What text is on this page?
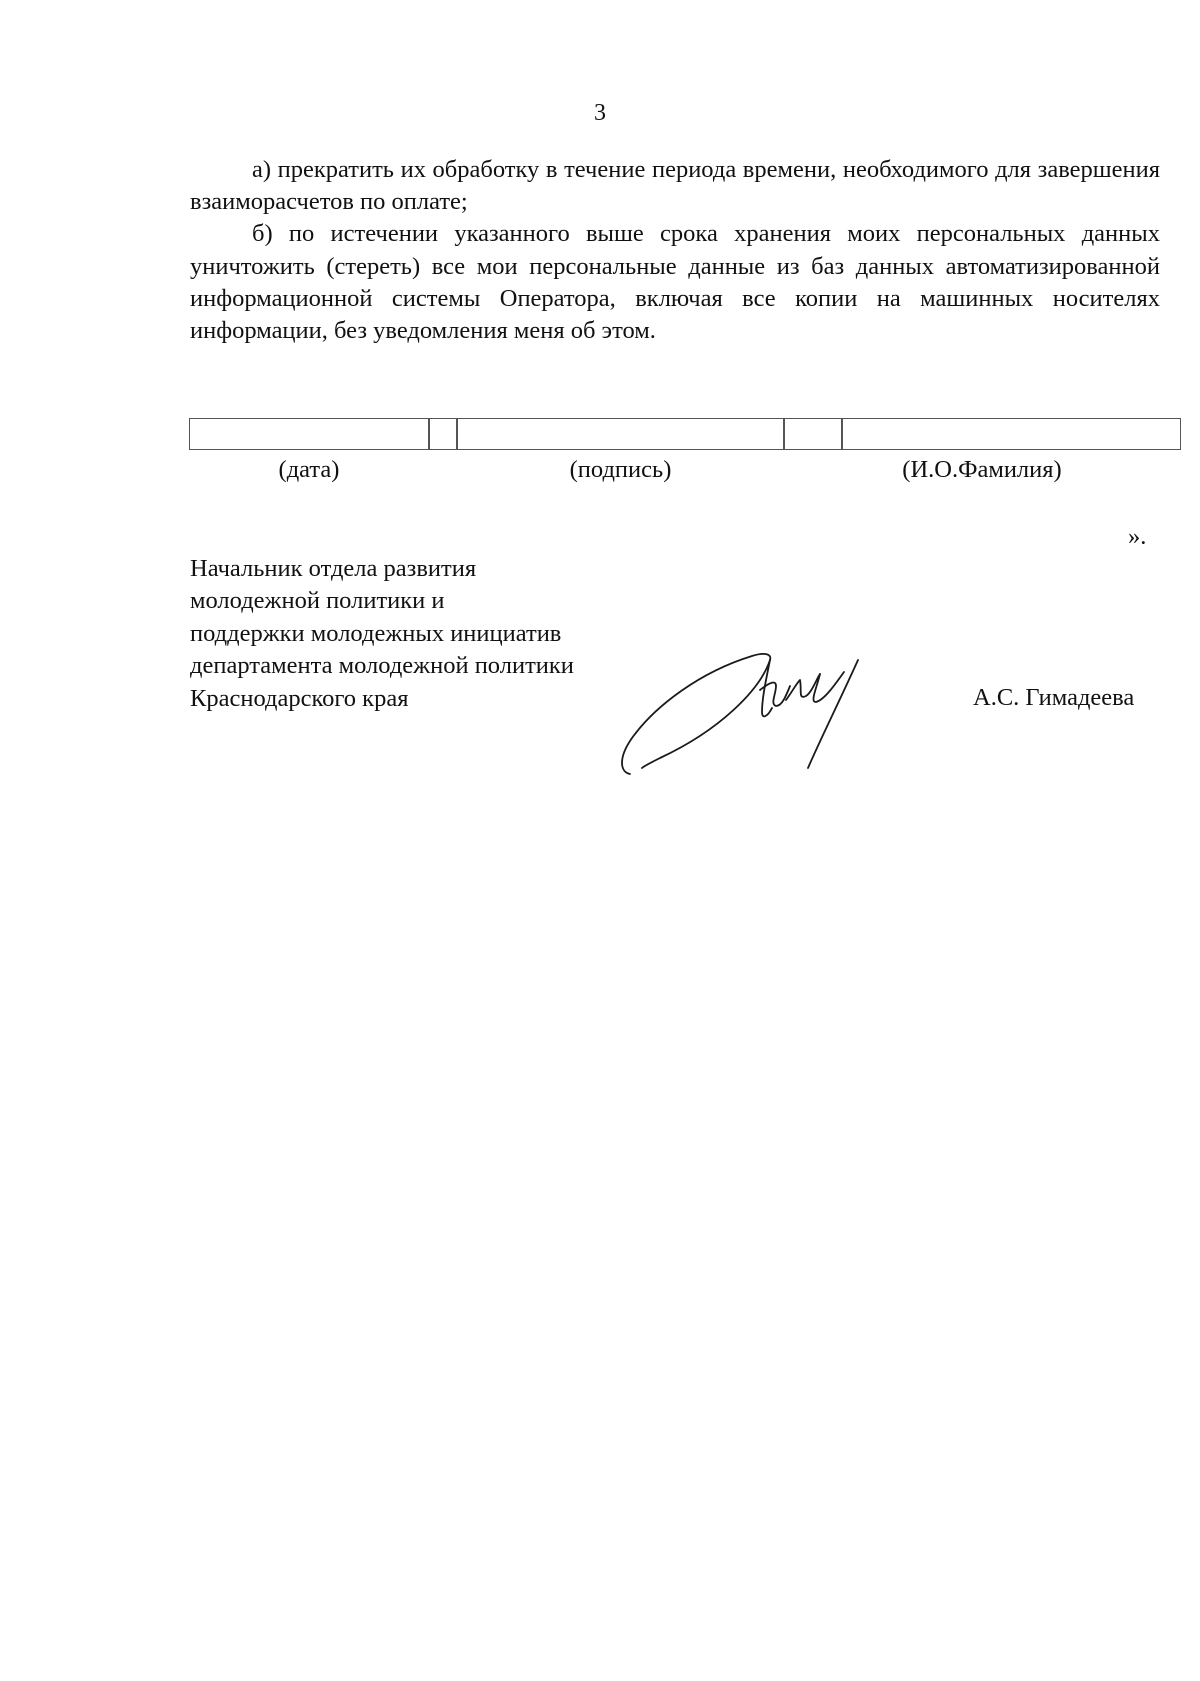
3

а) прекратить их обработку в течение периода времени, необходимого для завершения взаиморасчетов по оплате;

б) по истечении указанного выше срока хранения моих персональных данных уничтожить (стереть) все мои персональные данные из баз данных автоматизированной информационной системы Оператора, включая все копии на машинных носителях информации, без уведомления меня об этом.

(дата)	(подпись)	(И.О.Фамилия)
».
Начальник отдела развития
молодежной политики и
поддержки молодежных инициатив
департамента молодежной политики
Краснодарского края	А.С. Гимадеева
